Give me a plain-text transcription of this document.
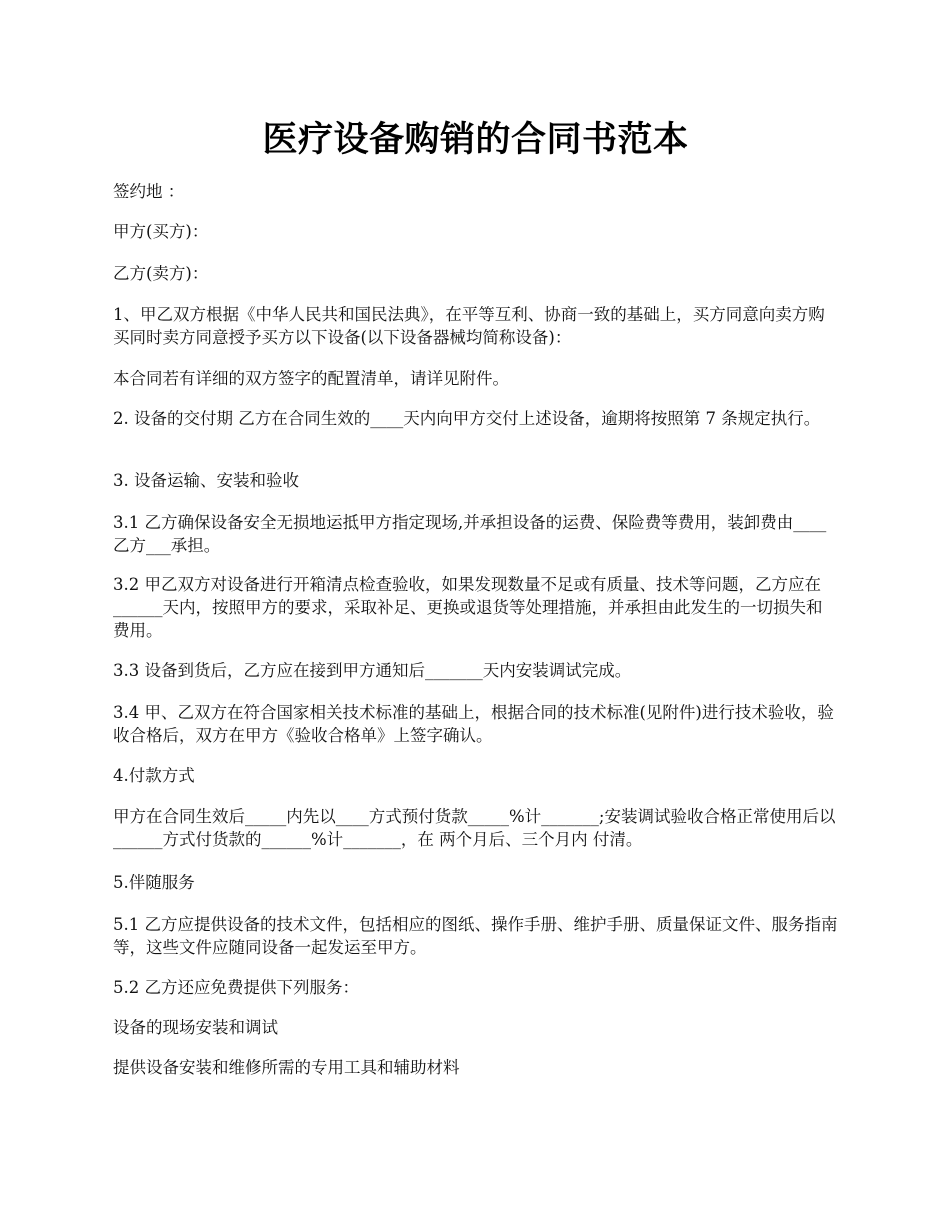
医疗设备购销的合同书范本

签约地 ：

甲方(买方)：

乙方(卖方)：

1、甲乙双方根据《中华人民共和国民法典》，在平等互利、协商一致的基础上，买方同意向卖方购买同时卖方同意授予买方以下设备(以下设备器械均简称设备)：

本合同若有详细的双方签字的配置清单，请详见附件。

2. 设备的交付期 乙方在合同生效的____天内向甲方交付上述设备，逾期将按照第 7 条规定执行。

3. 设备运输、安装和验收

3.1 乙方确保设备安全无损地运抵甲方指定现场,并承担设备的运费、保险费等费用，装卸费由____乙方___承担。

3.2 甲乙双方对设备进行开箱清点检查验收，如果发现数量不足或有质量、技术等问题，乙方应在______天内，按照甲方的要求，采取补足、更换或退货等处理措施，并承担由此发生的一切损失和费用。

3.3 设备到货后，乙方应在接到甲方通知后_______天内安装调试完成。

3.4 甲、乙双方在符合国家相关技术标准的基础上，根据合同的技术标准(见附件)进行技术验收，验收合格后，双方在甲方《验收合格单》上签字确认。

4.付款方式

甲方在合同生效后_____内先以____方式预付货款_____%计_______;安装调试验收合格正常使用后以______方式付货款的______%计_______，在 两个月后、三个月内 付清。

5.伴随服务

5.1 乙方应提供设备的技术文件，包括相应的图纸、操作手册、维护手册、质量保证文件、服务指南等，这些文件应随同设备一起发运至甲方。

5.2 乙方还应免费提供下列服务：

设备的现场安装和调试

提供设备安装和维修所需的专用工具和辅助材料
